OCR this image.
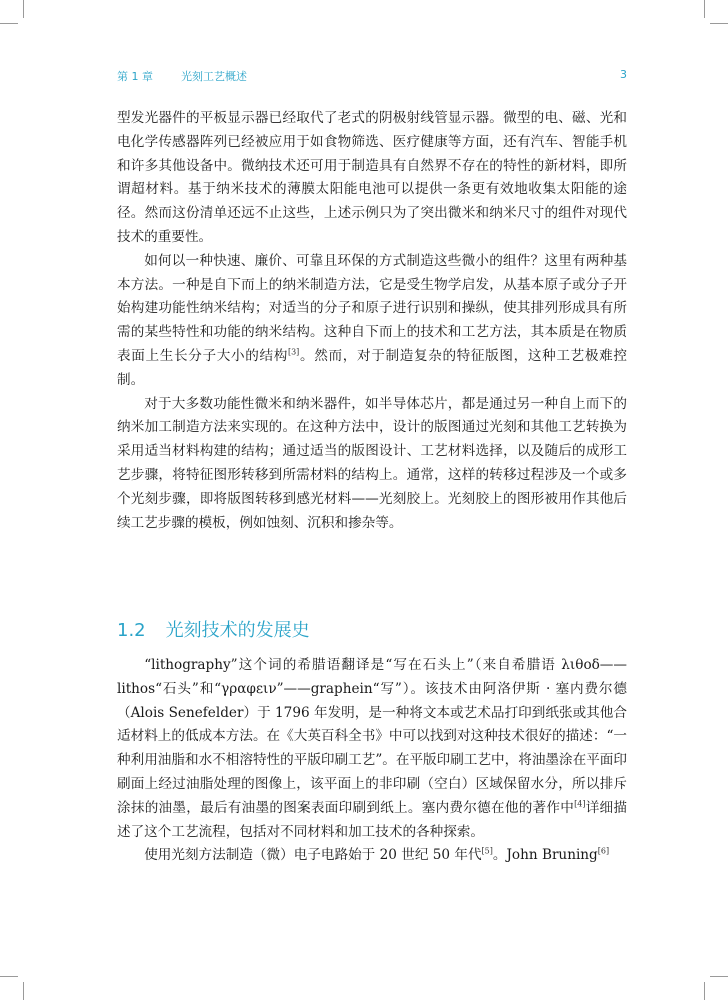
第 1 章	光刻工艺概述	3

型发光器件的平板显示器已经取代了老式的阴极射线管显示器。微型的电、磁、光和电化学传感器阵列已经被应用于如食物筛选、医疗健康等方面，还有汽车、智能手机和许多其他设备中。微纳技术还可用于制造具有自然界不存在的特性的新材料，即所谓超材料。基于纳米技术的薄膜太阳能电池可以提供一条更有效地收集太阳能的途径。然而这份清单还远不止这些，上述示例只为了突出微米和纳米尺寸的组件对现代技术的重要性。

如何以一种快速、廉价、可靠且环保的方式制造这些微小的组件？这里有两种基本方法。一种是自下而上的纳米制造方法，它是受生物学启发，从基本原子或分子开始构建功能性纳米结构；对适当的分子和原子进行识别和操纵，使其排列形成具有所需的某些特性和功能的纳米结构。这种自下而上的技术和工艺方法，其本质是在物质表面上生长分子大小的结构[3]。然而，对于制造复杂的特征版图，这种工艺极难控制。

对于大多数功能性微米和纳米器件，如半导体芯片，都是通过另一种自上而下的纳米加工制造方法来实现的。在这种方法中，设计的版图通过光刻和其他工艺转换为采用适当材料构建的结构；通过适当的版图设计、工艺材料选择，以及随后的成形工艺步骤，将特征图形转移到所需材料的结构上。通常，这样的转移过程涉及一个或多个光刻步骤，即将版图转移到感光材料——光刻胶上。光刻胶上的图形被用作其他后续工艺步骤的模板，例如蚀刻、沉积和掺杂等。

1.2 光刻技术的发展史

“lithography”这个词的希腊语翻译是“写在石头上”（来自希腊语 λιθοδ——lithos“石头”和“γραφειν”——graphein“写”）。该技术由阿洛伊斯 · 塞内费尔德（Alois Senefelder）于 1796 年发明，是一种将文本或艺术品打印到纸张或其他合适材料上的低成本方法。在《大英百科全书》中可以找到对这种技术很好的描述：“一种利用油脂和水不相溶特性的平版印刷工艺”。在平版印刷工艺中，将油墨涂在平面印刷面上经过油脂处理的图像上，该平面上的非印刷（空白）区域保留水分，所以排斥涂抹的油墨，最后有油墨的图案表面印刷到纸上。塞内费尔德在他的著作中[4]详细描述了这个工艺流程，包括对不同材料和加工技术的各种探索。

使用光刻方法制造（微）电子电路始于 20 世纪 50 年代[5]。John Bruning[6]
